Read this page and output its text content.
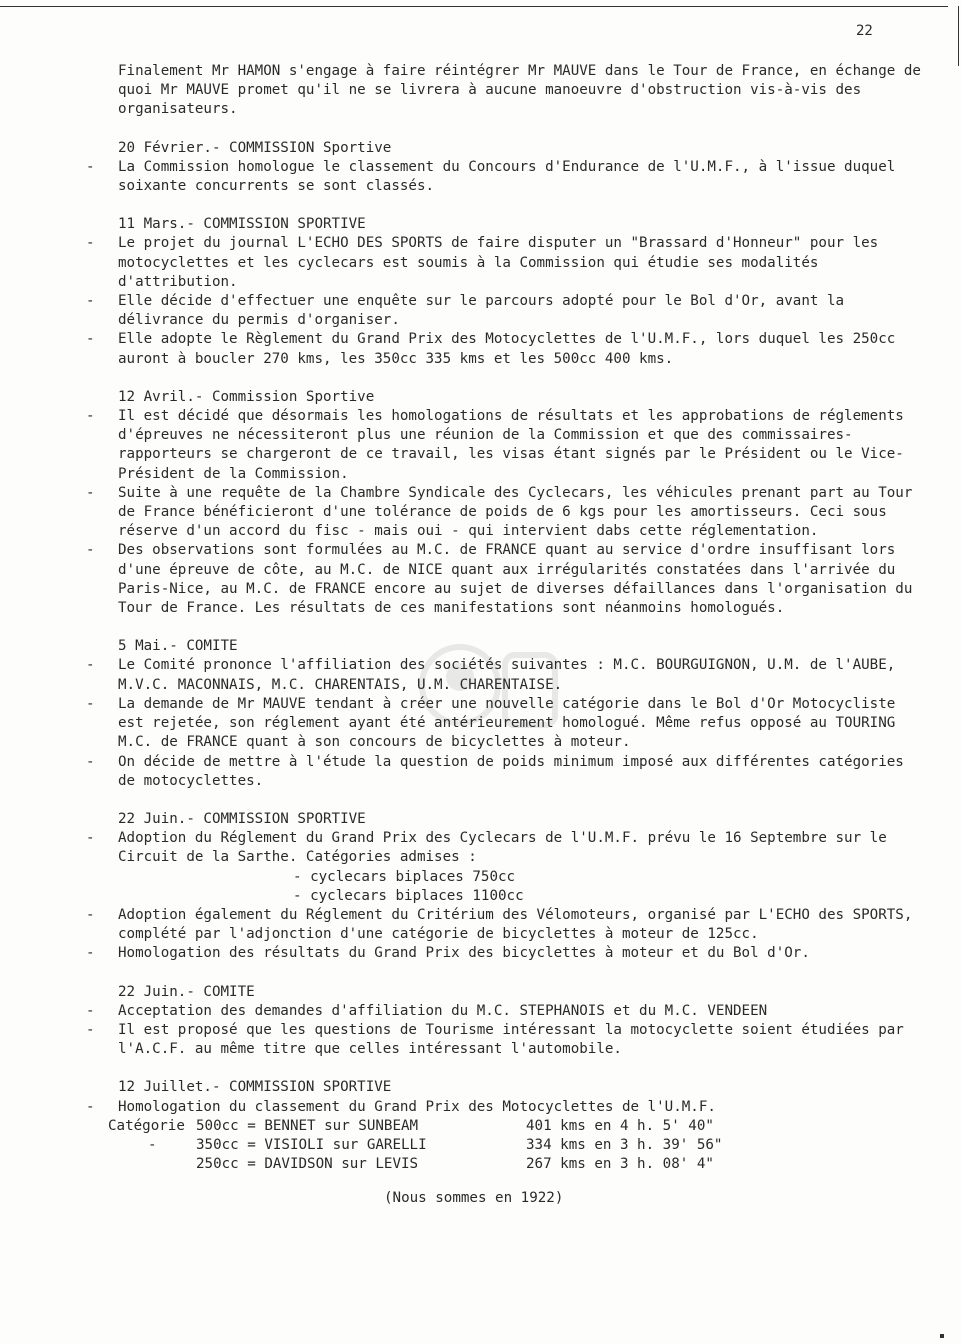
22

Finalement Mr HAMON s'engage à faire réintégrer Mr MAUVE dans le Tour de France, en échange de quoi Mr MAUVE promet qu'il ne se livrera à aucune manoeuvre d'obstruction vis-à-vis des organisateurs.

20 Février.- COMMISSION Sportive

- La Commission homologue le classement du Concours d'Endurance de l'U.M.F., à l'issue duquel soixante concurrents se sont classés.

11 Mars.- COMMISSION SPORTIVE

- Le projet du journal L'ECHO DES SPORTS de faire disputer un "Brassard d'Honneur" pour les motocyclettes et les cyclecars est soumis à la Commission qui étudie ses modalités d'attribution.

- Elle décide d'effectuer une enquête sur le parcours adopté pour le Bol d'Or, avant la délivrance du permis d'organiser.

- Elle adopte le Règlement du Grand Prix des Motocyclettes de l'U.M.F., lors duquel les 250cc auront à boucler 270 kms, les 350cc 335 kms et les 500cc 400 kms.

12 Avril.- Commission Sportive

- Il est décidé que désormais les homologations de résultats et les approbations de réglements d'épreuves ne nécessiteront plus une réunion de la Commission et que des commissaires-rapporteurs se chargeront de ce travail, les visas étant signés par le Président ou le Vice-Président de la Commission.

- Suite à une requête de la Chambre Syndicale des Cyclecars, les véhicules prenant part au Tour de France bénéficieront d'une tolérance de poids de 6 kgs pour les amortisseurs. Ceci sous réserve d'un accord du fisc - mais oui - qui intervient dabs cette réglementation.

- Des observations sont formulées au M.C. de FRANCE quant au service d'ordre insuffisant lors d'une épreuve de côte, au M.C. de NICE quant aux irrégularités constatées dans l'arrivée du Paris-Nice, au M.C. de FRANCE encore au sujet de diverses défaillances dans l'organisation du Tour de France. Les résultats de ces manifestations sont néanmoins homologués.

5 Mai.- COMITE

- Le Comité prononce l'affiliation des sociétés suivantes : M.C. BOURGUIGNON, U.M. de l'AUBE, M.V.C. MACONNAIS, M.C. CHARENTAIS, U.M. CHARENTAISE.

- La demande de Mr MAUVE tendant à créer une nouvelle catégorie dans le Bol d'Or Motocycliste est rejetée, son réglement ayant été antérieurement homologué. Même refus opposé au TOURING M.C. de FRANCE quant à son concours de bicyclettes à moteur.

- On décide de mettre à l'étude la question de poids minimum imposé aux différentes catégories de motocyclettes.

22 Juin.- COMMISSION SPORTIVE

- Adoption du Réglement du Grand Prix des Cyclecars de l'U.M.F. prévu le 16 Septembre sur le Circuit de la Sarthe. Catégories admises :

- cyclecars biplaces 750cc

- cyclecars biplaces 1100cc

- Adoption également du Réglement du Critérium des Vélomoteurs, organisé par L'ECHO des SPORTS, complété par l'adjonction d'une catégorie de bicyclettes à moteur de 125cc.

- Homologation des résultats du Grand Prix des bicyclettes à moteur et du Bol d'Or.

22 Juin.- COMITE

- Acceptation des demandes d'affiliation du M.C. STEPHANOIS et du M.C. VENDEEN

- Il est proposé que les questions de Tourisme intéressant la motocyclette soient étudiées par l'A.C.F. au même titre que celles intéressant l'automobile.

12 Juillet.- COMMISSION SPORTIVE

- Homologation du classement du Grand Prix des Motocyclettes de l'U.M.F.

Catégorie 500cc = BENNET sur SUNBEAM	401 kms en 4 h. 5' 40"
-	350cc = VISIOLI sur GARELLI	334 kms en 3 h. 39' 56"
250cc = DAVIDSON sur LEVIS	267 kms en 3 h. 08' 4"

(Nous sommes en 1922)
